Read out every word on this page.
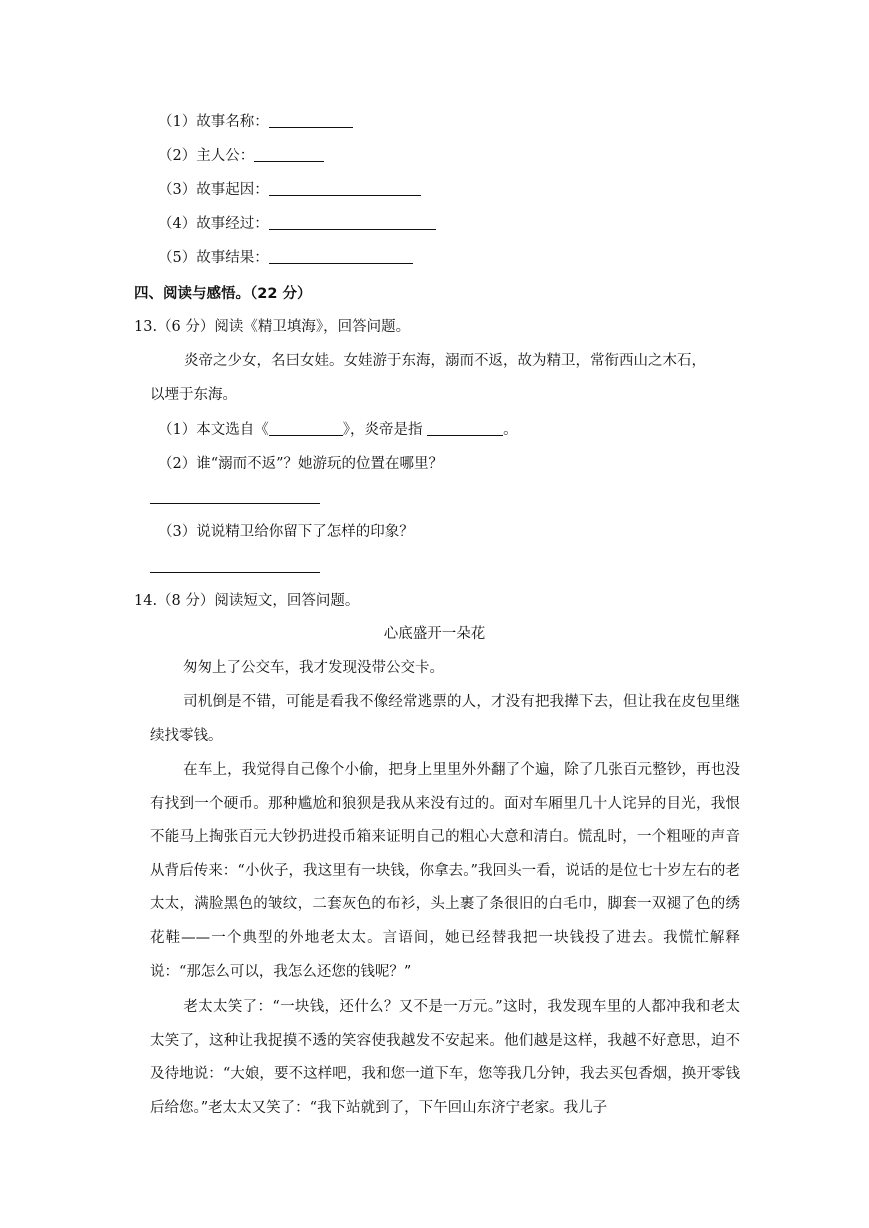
（1）故事名称：
（2）主人公：
（3）故事起因：
（4）故事经过：
（5）故事结果：
四、阅读与感悟。（22 分）
13.（6 分）阅读《精卫填海》，回答问题。
炎帝之少女，名曰女娃。女娃游于东海，溺而不返，故为精卫，常衔西山之木石，
以堙于东海。
（1）本文选自《	》，炎帝是指	。
（2）谁“溺而不返”？她游玩的位置在哪里？
（3）说说精卫给你留下了怎样的印象？
14.（8 分）阅读短文，回答问题。
心底盛开一朵花
匆匆上了公交车，我才发现没带公交卡。
司机倒是不错，可能是看我不像经常逃票的人，才没有把我撵下去，但让我在皮包里继续找零钱。
在车上，我觉得自己像个小偷，把身上里里外外翻了个遍，除了几张百元整钞，再也没有找到一个硬币。那种尴尬和狼狈是我从来没有过的。面对车厢里几十人诧异的目光，我恨不能马上掏张百元大钞扔进投币箱来证明自己的粗心大意和清白。慌乱时，一个粗哑的声音从背后传来：“小伙子，我这里有一块钱，你拿去。”我回头一看，说话的是位七十岁左右的老太太，满脸黑色的皱纹，二套灰色的布衫，头上裹了条很旧的白毛巾，脚套一双褪了色的绣花鞋——一个典型的外地老太太。言语间，她已经替我把一块钱投了进去。我慌忙解释说：“那怎么可以，我怎么还您的钱呢？”
老太太笑了：“一块钱，还什么？又不是一万元。”这时，我发现车里的人都冲我和老太太笑了，这种让我捉摸不透的笑容使我越发不安起来。他们越是这样，我越不好意思，迫不及待地说：“大娘，要不这样吧，我和您一道下车，您等我几分钟，我去买包香烟，换开零钱后给您。”老太太又笑了：“我下站就到了，下午回山东济宁老家。我儿子
